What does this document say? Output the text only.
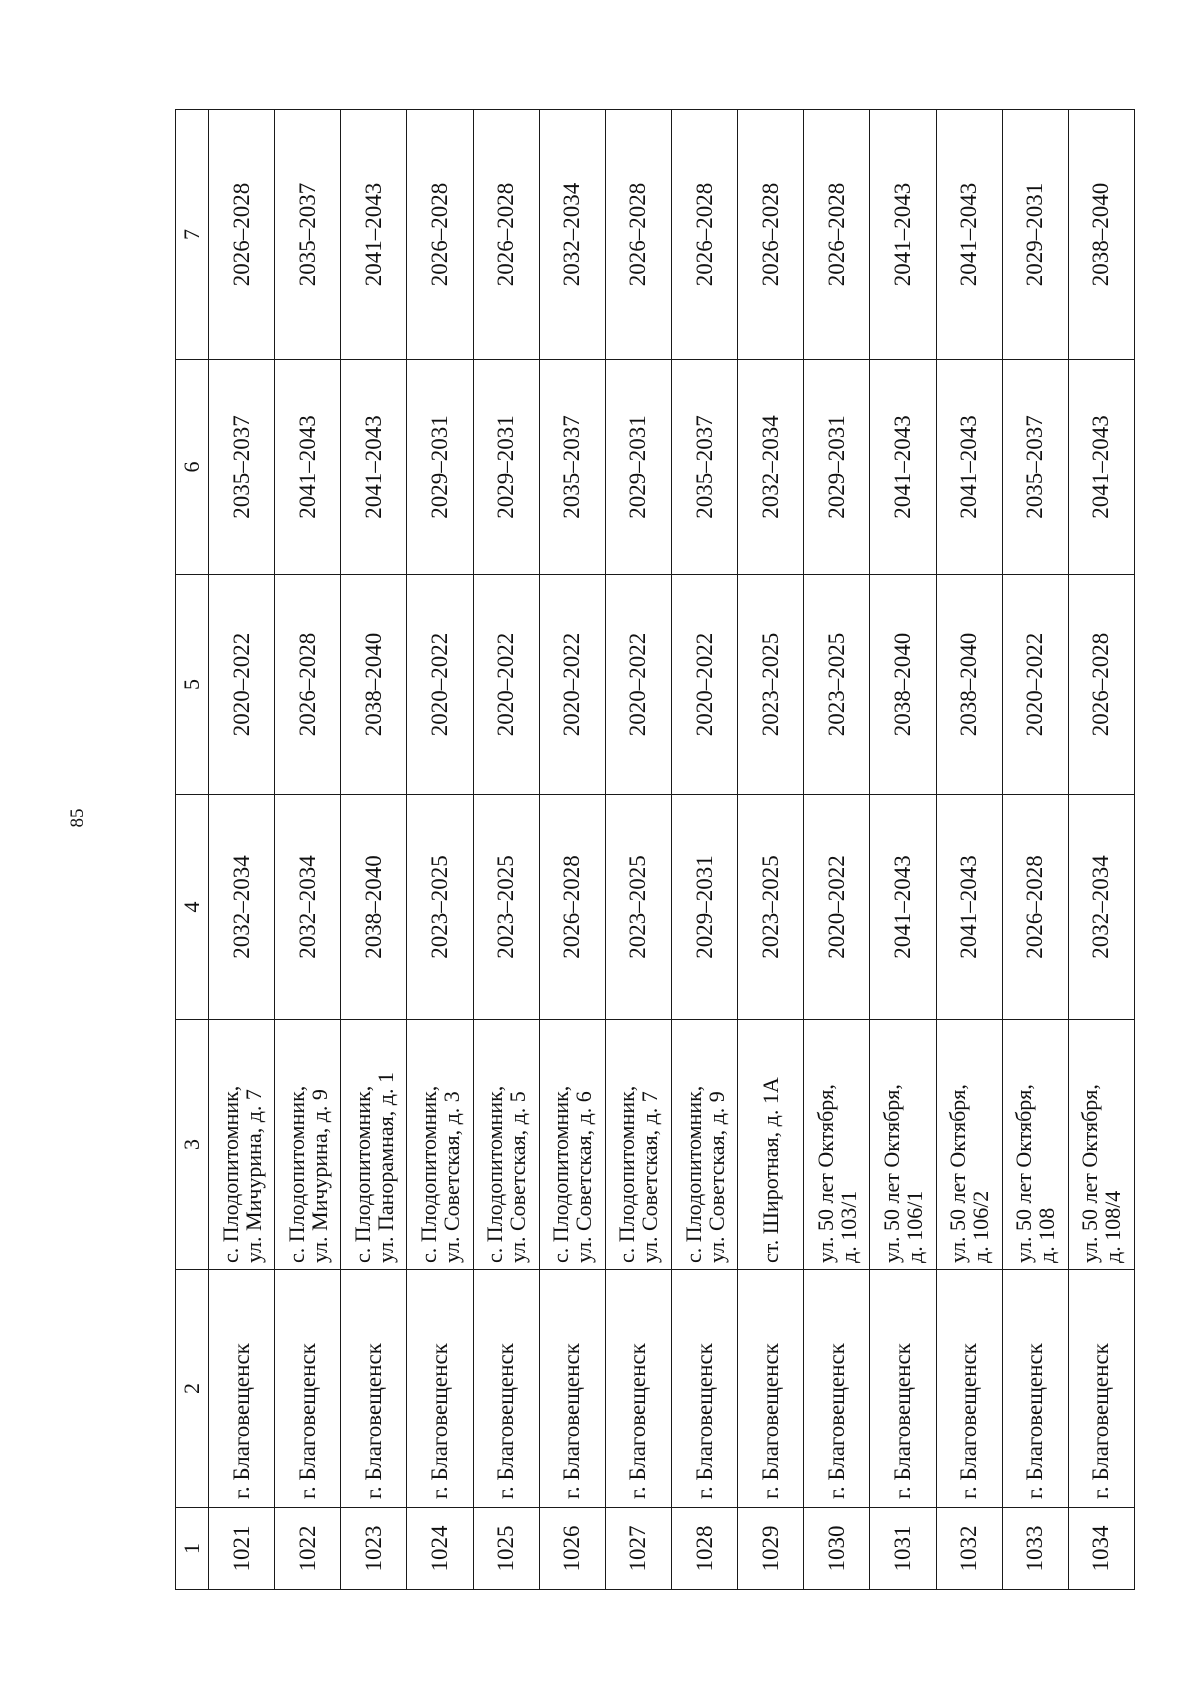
85
1	2	3	4	5	6	7
1021	г. Благовещенск	с. Плодопитомник,
ул. Мичурина, д. 7	2032–2034	2020–2022	2035–2037	2026–2028
1022	г. Благовещенск	с. Плодопитомник,
ул. Мичурина, д. 9	2032–2034	2026–2028	2041–2043	2035–2037
1023	г. Благовещенск	с. Плодопитомник,
ул. Панорамная, д. 1	2038–2040	2038–2040	2041–2043	2041–2043
1024	г. Благовещенск	с. Плодопитомник,
ул. Советская, д. 3	2023–2025	2020–2022	2029–2031	2026–2028
1025	г. Благовещенск	с. Плодопитомник,
ул. Советская, д. 5	2023–2025	2020–2022	2029–2031	2026–2028
1026	г. Благовещенск	с. Плодопитомник,
ул. Советская, д. 6	2026–2028	2020–2022	2035–2037	2032–2034
1027	г. Благовещенск	с. Плодопитомник,
ул. Советская, д. 7	2023–2025	2020–2022	2029–2031	2026–2028
1028	г. Благовещенск	с. Плодопитомник,
ул. Советская, д. 9	2029–2031	2020–2022	2035–2037	2026–2028
1029	г. Благовещенск	ст. Широтная, д. 1А	2023–2025	2023–2025	2032–2034	2026–2028
1030	г. Благовещенск	ул. 50 лет Октября,
д. 103/1	2020–2022	2023–2025	2029–2031	2026–2028
1031	г. Благовещенск	ул. 50 лет Октября,
д. 106/1	2041–2043	2038–2040	2041–2043	2041–2043
1032	г. Благовещенск	ул. 50 лет Октября,
д. 106/2	2041–2043	2038–2040	2041–2043	2041–2043
1033	г. Благовещенск	ул. 50 лет Октября,
д. 108	2026–2028	2020–2022	2035–2037	2029–2031
1034	г. Благовещенск	ул. 50 лет Октября,
д. 108/4	2032–2034	2026–2028	2041–2043	2038–2040
